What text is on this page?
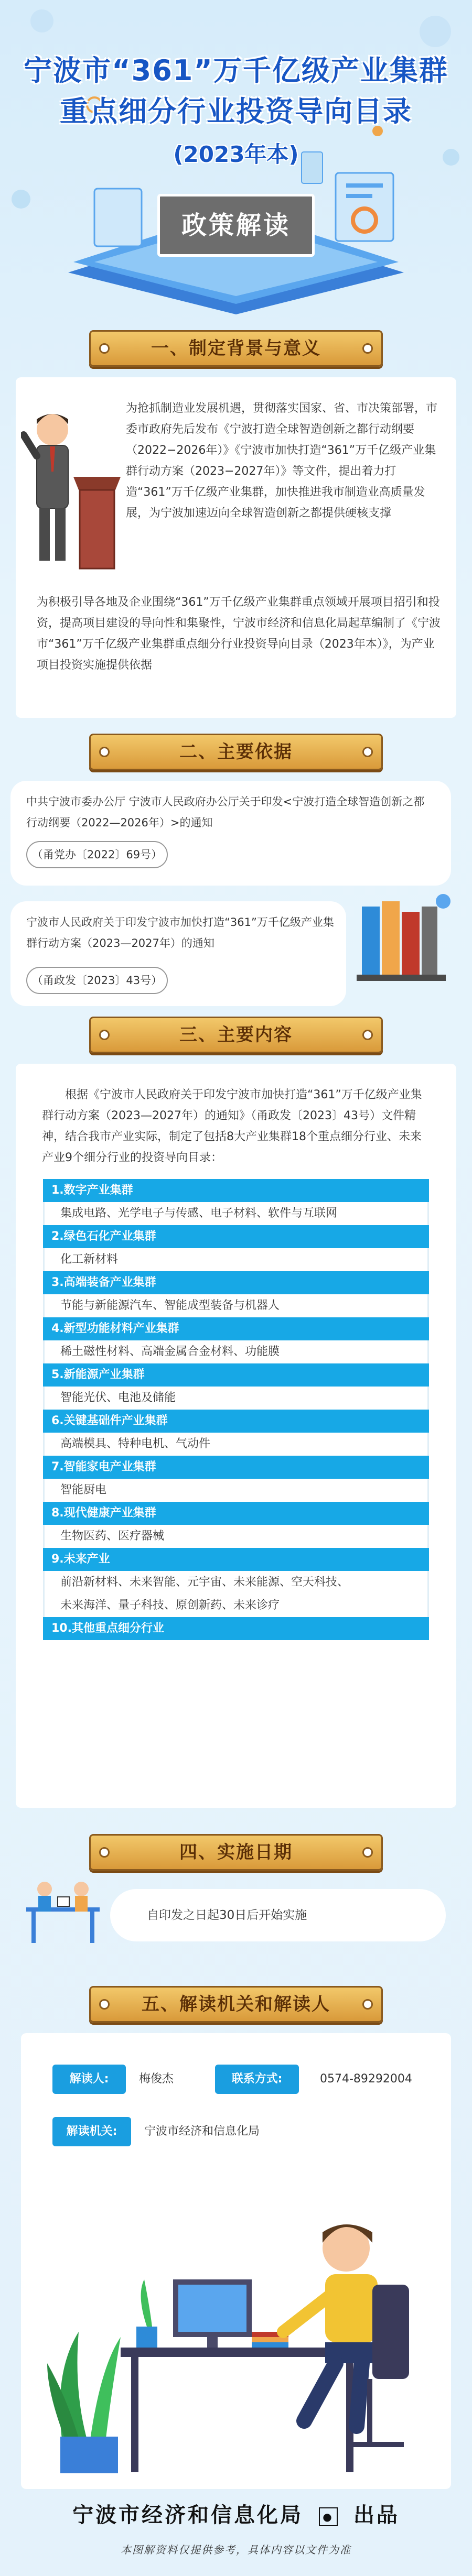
宁波市“361”万千亿级产业集群
重点细分行业投资导向目录
(2023年本)
政策解读
一、制定背景与意义
为抢抓制造业发展机遇，贯彻落实国家、省、市决策部署，市委市政府先后发布《宁波打造全球智造创新之都行动纲要（2022−2026年）》《宁波市加快打造“361”万千亿级产业集群行动方案（2023−2027年）》等文件，提出着力打造“361”万千亿级产业集群，加快推进我市制造业高质量发展，为宁波加速迈向全球智造创新之都提供硬核支撑
为积极引导各地及企业围绕“361”万千亿级产业集群重点领域开展项目招引和投资，提高项目建设的导向性和集聚性，宁波市经济和信息化局起草编制了《宁波市“361”万千亿级产业集群重点细分行业投资导向目录（2023年本）》，为产业项目投资实施提供依据
二、主要依据
中共宁波市委办公厅 宁波市人民政府办公厅关于印发<宁波打造全球智造创新之都行动纲要（2022—2026年）>的通知
（甬党办〔2022〕69号）
宁波市人民政府关于印发宁波市加快打造“361”万千亿级产业集群行动方案（2023—2027年）的通知
（甬政发〔2023〕43号）
三、主要内容
根据《宁波市人民政府关于印发宁波市加快打造“361”万千亿级产业集群行动方案（2023—2027年）的通知》（甬政发〔2023〕43号）文件精神，结合我市产业实际，制定了包括8大产业集群18个重点细分行业、未来产业9个细分行业的投资导向目录：
1.数字产业集群
集成电路、光学电子与传感、电子材料、软件与互联网
2.绿色石化产业集群
化工新材料
3.高端装备产业集群
节能与新能源汽车、智能成型装备与机器人
4.新型功能材料产业集群
稀土磁性材料、高端金属合金材料、功能膜
5.新能源产业集群
智能光伏、电池及储能
6.关键基础件产业集群
高端模具、特种电机、气动件
7.智能家电产业集群
智能厨电
8.现代健康产业集群
生物医药、医疗器械
9.未来产业
前沿新材料、未来智能、元宇宙、未来能源、空天科技、
未来海洋、量子科技、原创新药、未来诊疗
10.其他重点细分行业
四、实施日期
自印发之日起30日后开始实施
五、解读机关和解读人
解读人:	梅俊杰	联系方式:	0574-89292004
解读机关:	宁波市经济和信息化局
宁波市经济和信息化局 ● 出品
本图解资料仅提供参考，具体内容以文件为准
